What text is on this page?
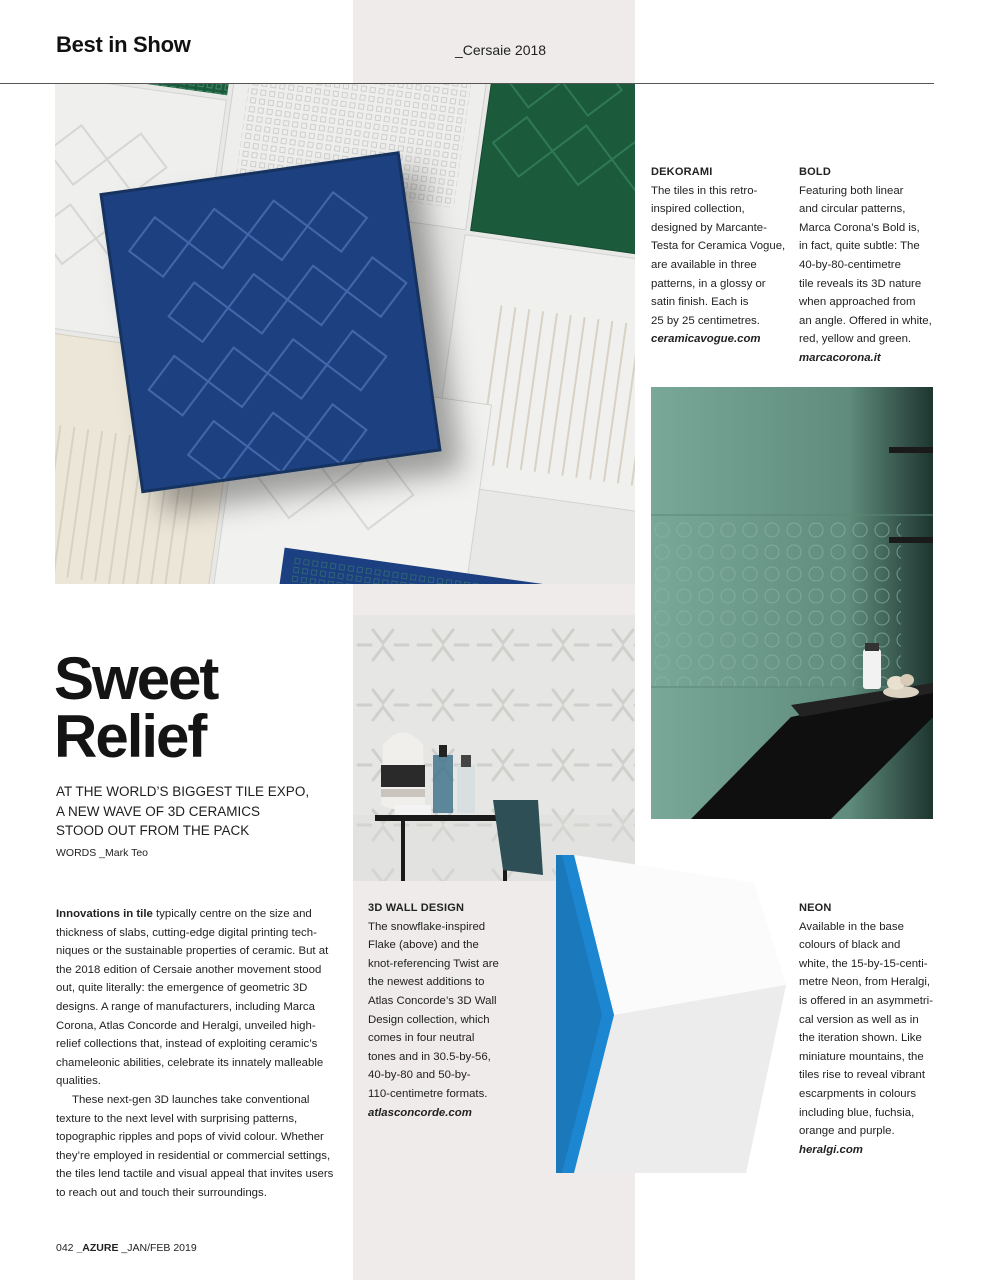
Best in Show	_Cersaie 2018
Sweet
Relief
AT THE WORLD’S BIGGEST TILE EXPO,
A NEW WAVE OF 3D CERAMICS
STOOD OUT FROM THE PACK
WORDS _Mark Teo

Innovations in tile typically centre on the size and thickness of slabs, cutting-edge digital printing techniques or the sustainable properties of ceramic. But at the 2018 edition of Cersaie another movement stood out, quite literally: the emergence of geometric 3D designs. A range of manufacturers, including Marca Corona, Atlas Concorde and Heralgi, unveiled high-relief collections that, instead of exploiting ceramic’s chameleonic abilities, celebrate its innately malleable qualities.

These next-gen 3D launches take conventional texture to the next level with surprising patterns, topographic ripples and pops of vivid colour. Whether they’re employed in residential or commercial settings, the tiles lend tactile and visual appeal that invites users to reach out and touch their surroundings.

DEKORAMI
The tiles in this retro-
inspired collection,
designed by Marcante-
Testa for Ceramica Vogue,
are available in three
patterns, in a glossy or
satin finish. Each is
25 by 25 centimetres.
ceramicavogue.com
BOLD
Featuring both linear
and circular patterns,
Marca Corona’s Bold is,
in fact, quite subtle: The
40-by-80-centimetre
tile reveals its 3D nature
when approached from
an angle. Offered in white,
red, yellow and green.
marcacorona.it
3D WALL DESIGN
The snowflake-inspired
Flake (above) and the
knot-referencing Twist are
the newest additions to
Atlas Concorde’s 3D Wall
Design collection, which
comes in four neutral
tones and in 30.5-by-56,
40-by-80 and 50-by-
110-centimetre formats.
atlasconcorde.com
NEON
Available in the base
colours of black and
white, the 15-by-15-centi-
metre Neon, from Heralgi,
is offered in an asymmetri-
cal version as well as in
the iteration shown. Like
miniature mountains, the
tiles rise to reveal vibrant
escarpments in colours
including blue, fuchsia,
orange and purple.
heralgi.com
042 _AZURE _JAN/FEB 2019
